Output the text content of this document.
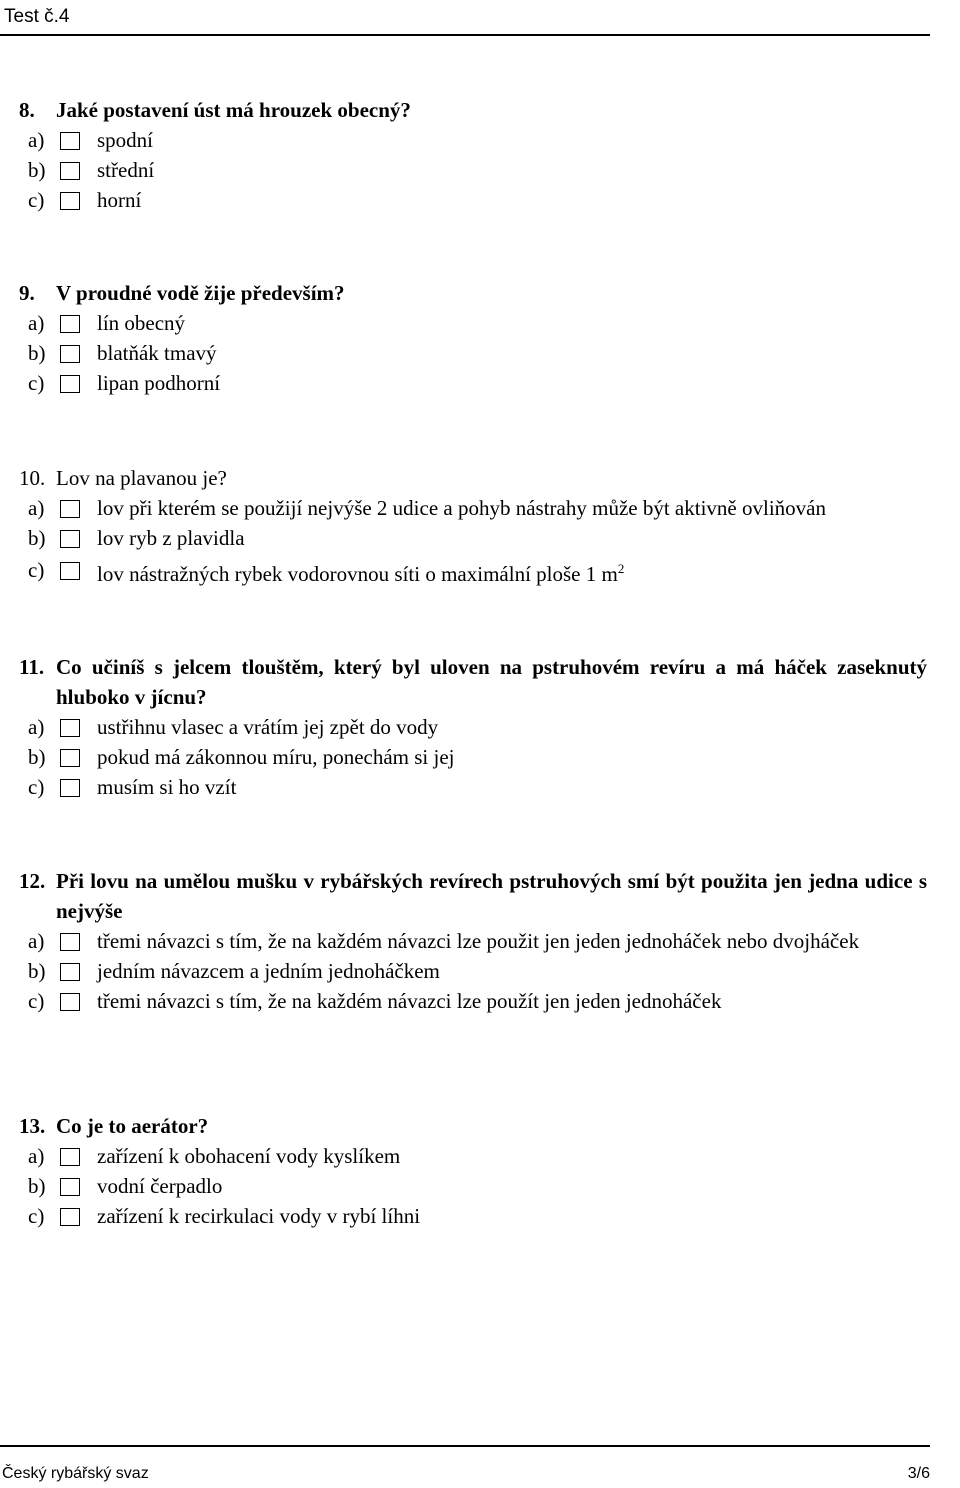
Test č.4
8. Jaké postavení úst má hrouzek obecný?
a)	spodní
b) střední
c)	horní
9. V proudné vodě žije především?
a)	lín obecný
b) blatňák tmavý
c)	lipan podhorní
10. Lov na plavanou je?
a)	lov při kterém se použijí nejvýše 2 udice a pohyb nástrahy může být aktivně ovliňován
b) lov ryb z plavidla
c)	lov nástražných rybek vodorovnou síti o maximální ploše 1 $m^2$
11. Co učiníš s jelcem tlouštěm, který byl uloven na pstruhovém revíru a má háček zaseknutý hluboko v jícnu?
a)	ustřihnu vlasec a vrátím jej zpět do vody
b) pokud má zákonnou míru, ponechám si jej
c)	musím si ho vzít
12. Při lovu na umělou mušku v rybářských revírech pstruhových smí být použita jen jedna udice s nejvýše
a)	třemi návazci s tím, že na každém návazci lze použit jen jeden jednoháček nebo dvojháček
b) jedním návazcem a jedním jednoháčkem
c)	třemi návazci s tím, že na každém návazci lze použít jen jeden jednoháček
13. Co je to aerátor?
a)	zařízení k obohacení vody kyslíkem
b) vodní čerpadlo
c)	zařízení k recirkulaci vody v rybí líhni
Český rybářský svaz	3/6
